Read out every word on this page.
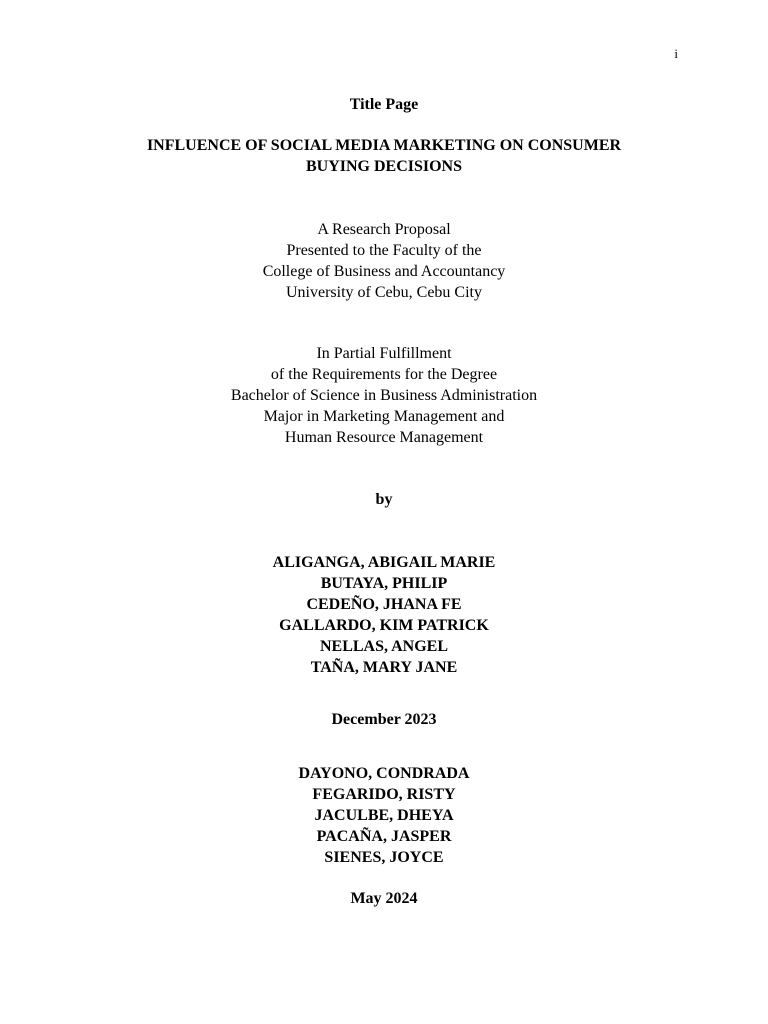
i
Title Page
INFLUENCE OF SOCIAL MEDIA MARKETING ON CONSUMER
BUYING DECISIONS
A Research Proposal
Presented to the Faculty of the
College of Business and Accountancy
University of Cebu, Cebu City
In Partial Fulfillment
of the Requirements for the Degree
Bachelor of Science in Business Administration
Major in Marketing Management and
Human Resource Management
by
ALIGANGA, ABIGAIL MARIE
BUTAYA, PHILIP
CEDEÑO, JHANA FE
GALLARDO, KIM PATRICK
NELLAS, ANGEL
TAÑA, MARY JANE
December 2023
DAYONO, CONDRADA
FEGARIDO, RISTY
JACULBE, DHEYA
PACAÑA, JASPER
SIENES, JOYCE
May 2024
